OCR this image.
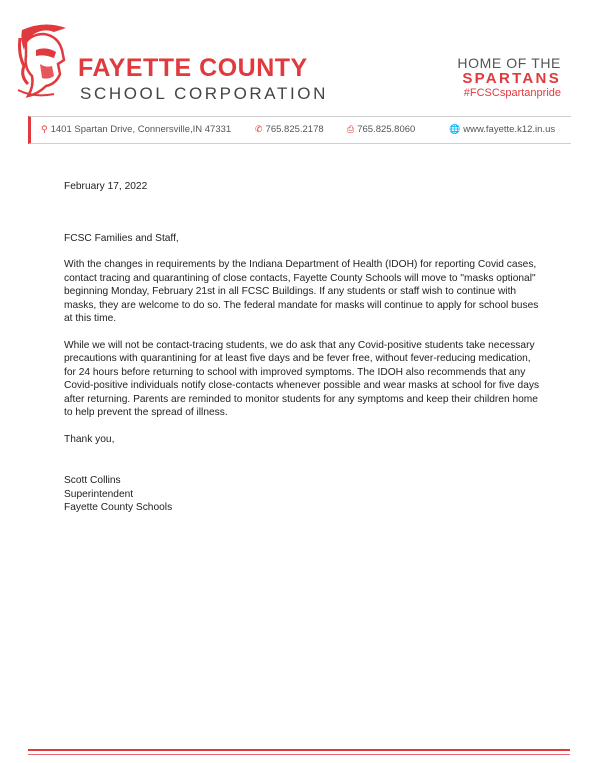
FAYETTE COUNTY
SCHOOL CORPORATION
HOME OF THE
SPARTANS
#FCSCspartanpride
⚲ 1401 Spartan Drive, Connersville,IN 47331	✆ 765.825.2178	⎙ 765.825.8060	🌐 www.fayette.k12.in.us

February 17, 2022

FCSC Families and Staff,

With the changes in requirements by the Indiana Department of Health (IDOH) for reporting Covid cases, contact tracing and quarantining of close contacts, Fayette County Schools will move to "masks optional" beginning Monday, February 21st in all FCSC Buildings. If any students or staff wish to continue with masks, they are welcome to do so. The federal mandate for masks will continue to apply for school buses at this time.

While we will not be contact-tracing students, we do ask that any Covid-positive students take necessary precautions with quarantining for at least five days and be fever free, without fever-reducing medication, for 24 hours before returning to school with improved symptoms. The IDOH also recommends that any Covid-positive individuals notify close-contacts whenever possible and wear masks at school for five days after returning. Parents are reminded to monitor students for any symptoms and keep their children home to help prevent the spread of illness.

Thank you,

Scott Collins

Superintendent

Fayette County Schools
